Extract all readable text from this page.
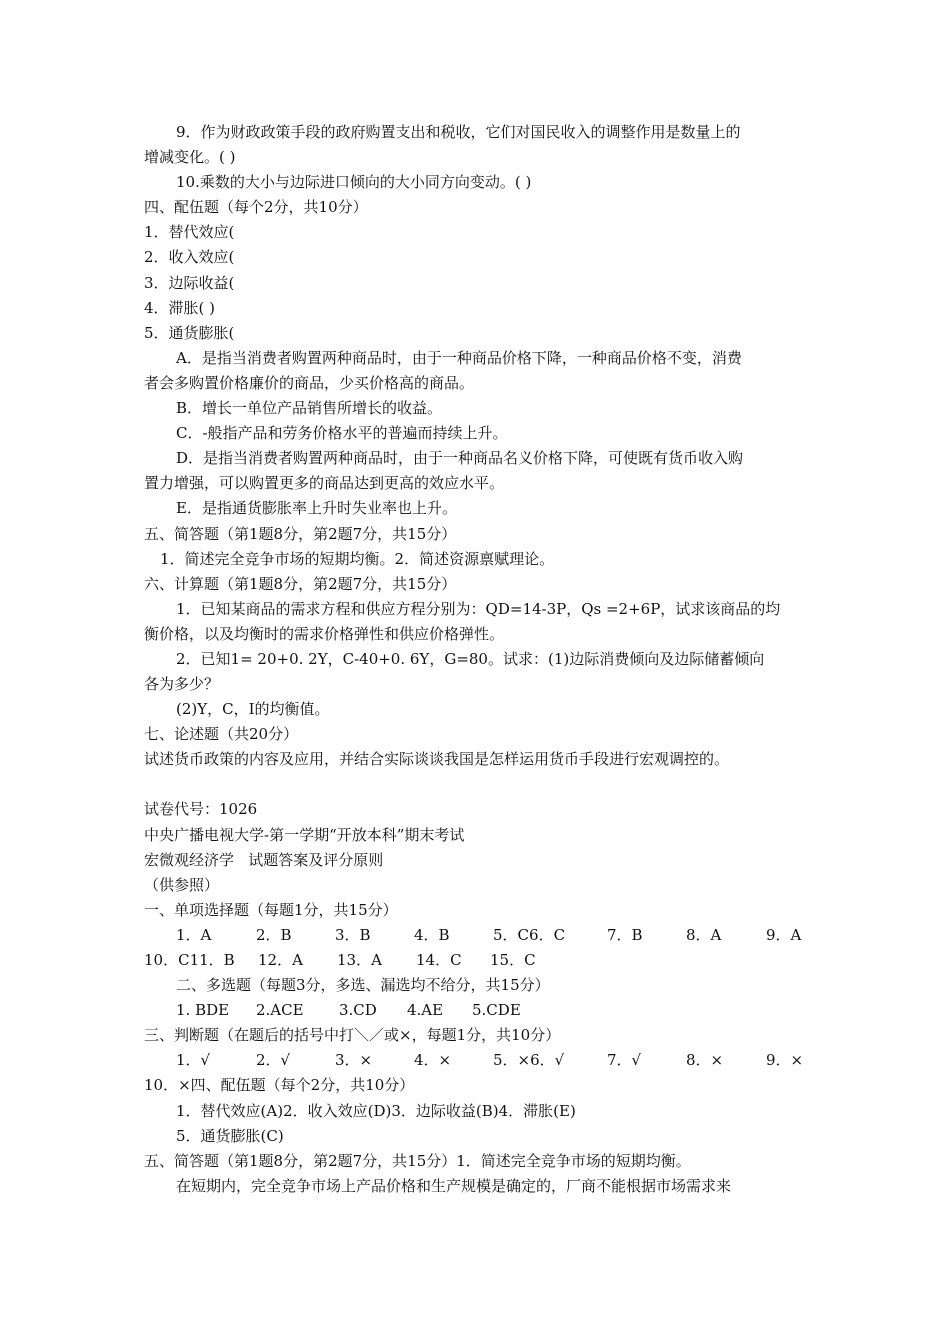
9．作为财政政策手段的政府购置支出和税收，它们对国民收入的调整作用是数量上的
增减变化。( )
10.乘数的大小与边际进口倾向的大小同方向变动。( )
四、配伍题（每个2分，共10分）
1．替代效应(
2．收入效应(
3．边际收益(
4．滞胀( )
5．通货膨胀(
A．是指当消费者购置两种商品时，由于一种商品价格下降，一种商品价格不变，消费
者会多购置价格廉价的商品，少买价格高的商品。
B．增长一单位产品销售所增长的收益。
C．-般指产品和劳务价格水平的普遍而持续上升。
D．是指当消费者购置两种商品时，由于一种商品名义价格下降，可使既有货币收入购
置力增强，可以购置更多的商品达到更高的效应水平。
E．是指通货膨胀率上升时失业率也上升。
五、简答题（第1题8分，第2题7分，共15分）
1．简述完全竞争市场的短期均衡。2．简述资源禀赋理论。
六、计算题（第1题8分，第2题7分，共15分）
1．已知某商品的需求方程和供应方程分别为：QD=14-3P，Qs =2+6P，试求该商品的均
衡价格，以及均衡时的需求价格弹性和供应价格弹性。
2．已知1= 20+0. 2Y，C-40+0. 6Y，G=80。试求：(1)边际消费倾向及边际储蓄倾向
各为多少？
(2)Y，C，I的均衡值。
七、论述题（共20分）
试述货币政策的内容及应用，并结合实际谈谈我国是怎样运用货币手段进行宏观调控的。
试卷代号：1026
中央广播电视大学-第一学期“开放本科”期末考试
宏微观经济学   试题答案及评分原则
（供参照）
一、单项选择题（每题1分，共15分）
1．A	2．B	3．B	4．B	5．C6．C	7．B	8．A	9．A
10．C11．B 12．A 13．A 14．C 15．C
二、多选题（每题3分，多选、漏选均不给分，共15分）
1. BDE 2.ACE 3.CD 4.AE 5.CDE
三、判断题（在题后的括号中打＼／或×，每题1分，共10分）
1．√	2．√	3．×	4．×	5．×6．√	7．√	8．×	9．×
10．×四、配伍题（每个2分，共10分）
1．替代效应(A)2．收入效应(D)3．边际收益(B)4．滞胀(E)
5．通货膨胀(C)
五、简答题（第1题8分，第2题7分，共15分）1．简述完全竞争市场的短期均衡。
在短期内，完全竞争市场上产品价格和生产规模是确定的，厂商不能根据市场需求来
